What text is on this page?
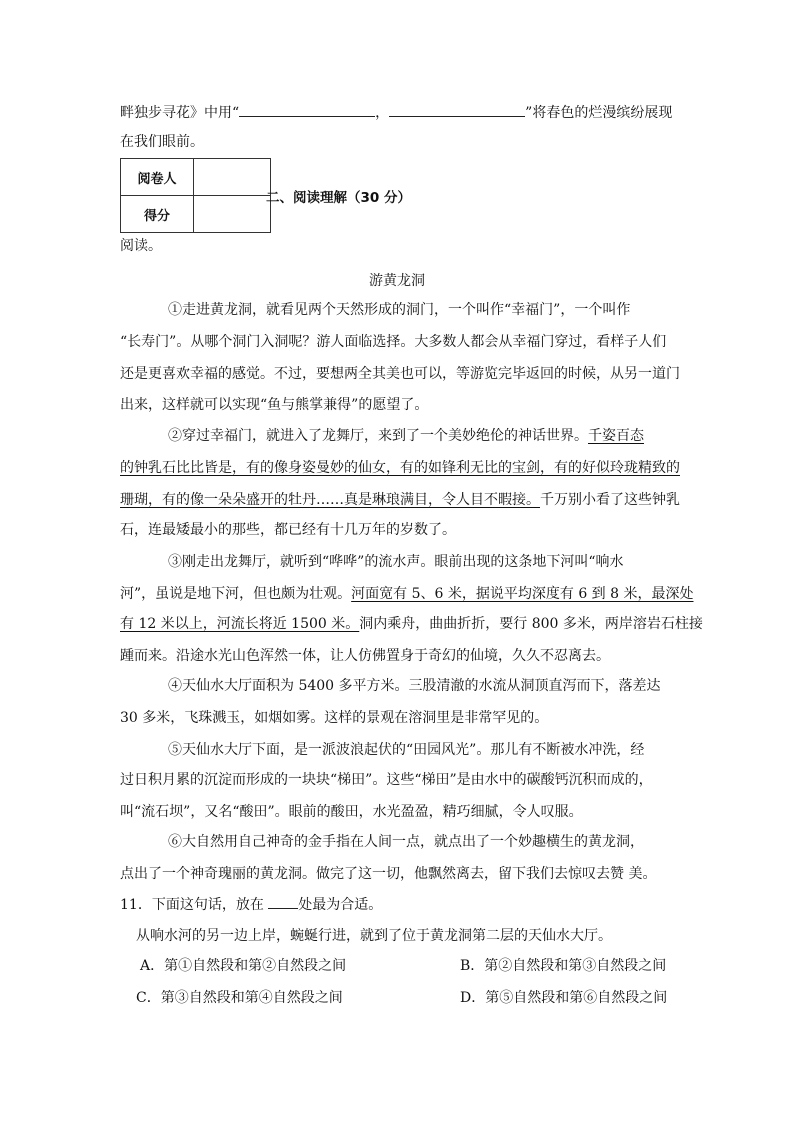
畔独步寻花》中用“	，	”将春色的烂漫缤纷展现
在我们眼前。
阅卷人	
得分	
二、阅读理解（30 分）
阅读。
游黄龙洞
①走进黄龙洞，就看见两个天然形成的洞门，一个叫作“幸福门”，一个叫作
“长寿门”。从哪个洞门入洞呢？游人面临选择。大多数人都会从幸福门穿过，看样子人们
还是更喜欢幸福的感觉。不过，要想两全其美也可以，等游览完毕返回的时候，从另一道门
出来，这样就可以实现“鱼与熊掌兼得”的愿望了。
②穿过幸福门，就进入了龙舞厅，来到了一个美妙绝伦的神话世界。千姿百态
的钟乳石比比皆是，有的像身姿曼妙的仙女，有的如锋利无比的宝剑，有的好似玲珑精致的
珊瑚，有的像一朵朵盛开的牡丹……真是琳琅满目，令人目不暇接。千万别小看了这些钟乳
石，连最矮最小的那些，都已经有十几万年的岁数了。
③刚走出龙舞厅，就听到“哗哗”的流水声。眼前出现的这条地下河叫“响水
河”，虽说是地下河，但也颇为壮观。河面宽有 5、6 米，据说平均深度有 6 到 8 米，最深处
有 12 米以上，河流长将近 1500 米。洞内乘舟，曲曲折折，要行 800 多米，两岸溶岩石柱接
踵而来。沿途水光山色浑然一体，让人仿佛置身于奇幻的仙境，久久不忍离去。
④天仙水大厅面积为 5400 多平方米。三股清澈的水流从洞顶直泻而下，落差达
30 多米，飞珠溅玉，如烟如雾。这样的景观在溶洞里是非常罕见的。
⑤天仙水大厅下面，是一派波浪起伏的“田园风光”。那儿有不断被水冲洗，经
过日积月累的沉淀而形成的一块块“梯田”。这些“梯田”是由水中的碳酸钙沉积而成的，
叫“流石坝”，又名“酸田”。眼前的酸田，水光盈盈，精巧细腻，令人叹服。
⑥大自然用自己神奇的金手指在人间一点，就点出了一个妙趣横生的黄龙洞，
点出了一个神奇瑰丽的黄龙洞。做完了这一切，他飘然离去，留下我们去惊叹去赞 美。
11．下面这句话，放在 处最为合适。
从响水河的另一边上岸，蜿蜒行进，就到了位于黄龙洞第二层的天仙水大厅。
A．第①自然段和第②自然段之间	B．第②自然段和第③自然段之间
C．第③自然段和第④自然段之间	D．第⑤自然段和第⑥自然段之间
